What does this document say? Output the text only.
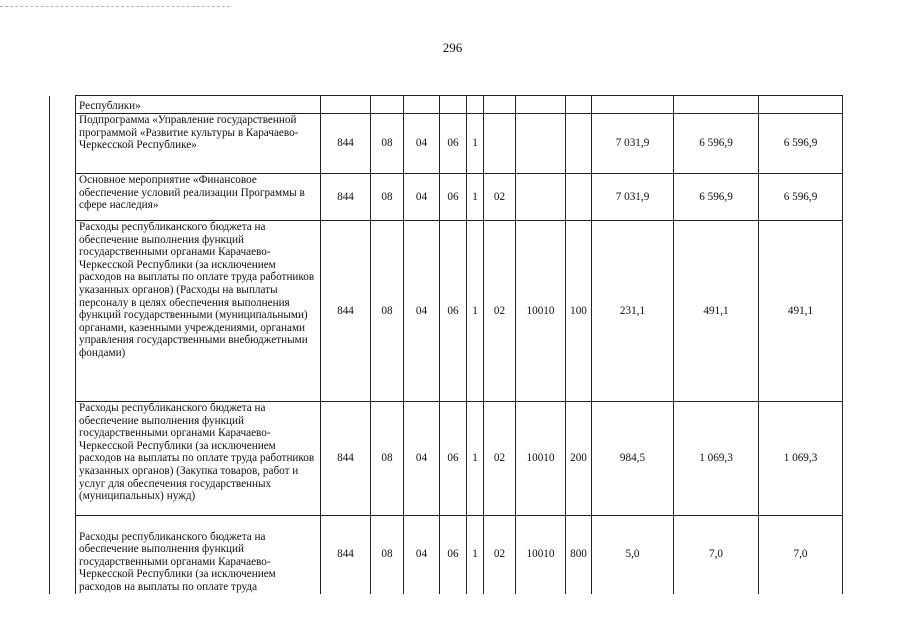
296
	Республики»											
	Подпрограмма «Управление государственной программой «Развитие культуры в Карачаево-Черкесской Республике»	844	08	04	06	1				7 031,9	6 596,9	6 596,9
	Основное мероприятие «Финансовое обеспечение условий реализации Программы в сфере наследия»	844	08	04	06	1	02			7 031,9	6 596,9	6 596,9
	Расходы республиканского бюджета на обеспечение выполнения функций государственными органами Карачаево-Черкесской Республики (за исключением расходов на выплаты по оплате труда работников указанных органов) (Расходы на выплаты персоналу в целях обеспечения выполнения функций государственными (муниципальными) органами, казенными учреждениями, органами управления государственными внебюджетными фондами)	844	08	04	06	1	02	10010	100	231,1	491,1	491,1
	Расходы республиканского бюджета на обеспечение выполнения функций государственными органами Карачаево-Черкесской Республики (за исключением расходов на выплаты по оплате труда работников указанных органов) (Закупка товаров, работ и услуг для обеспечения государственных (муниципальных) нужд)	844	08	04	06	1	02	10010	200	984,5	1 069,3	1 069,3
	Расходы республиканского бюджета на обеспечение выполнения функций государственными органами Карачаево-Черкесской Республики (за исключением расходов на выплаты по оплате труда	844	08	04	06	1	02	10010	800	5,0	7,0	7,0
